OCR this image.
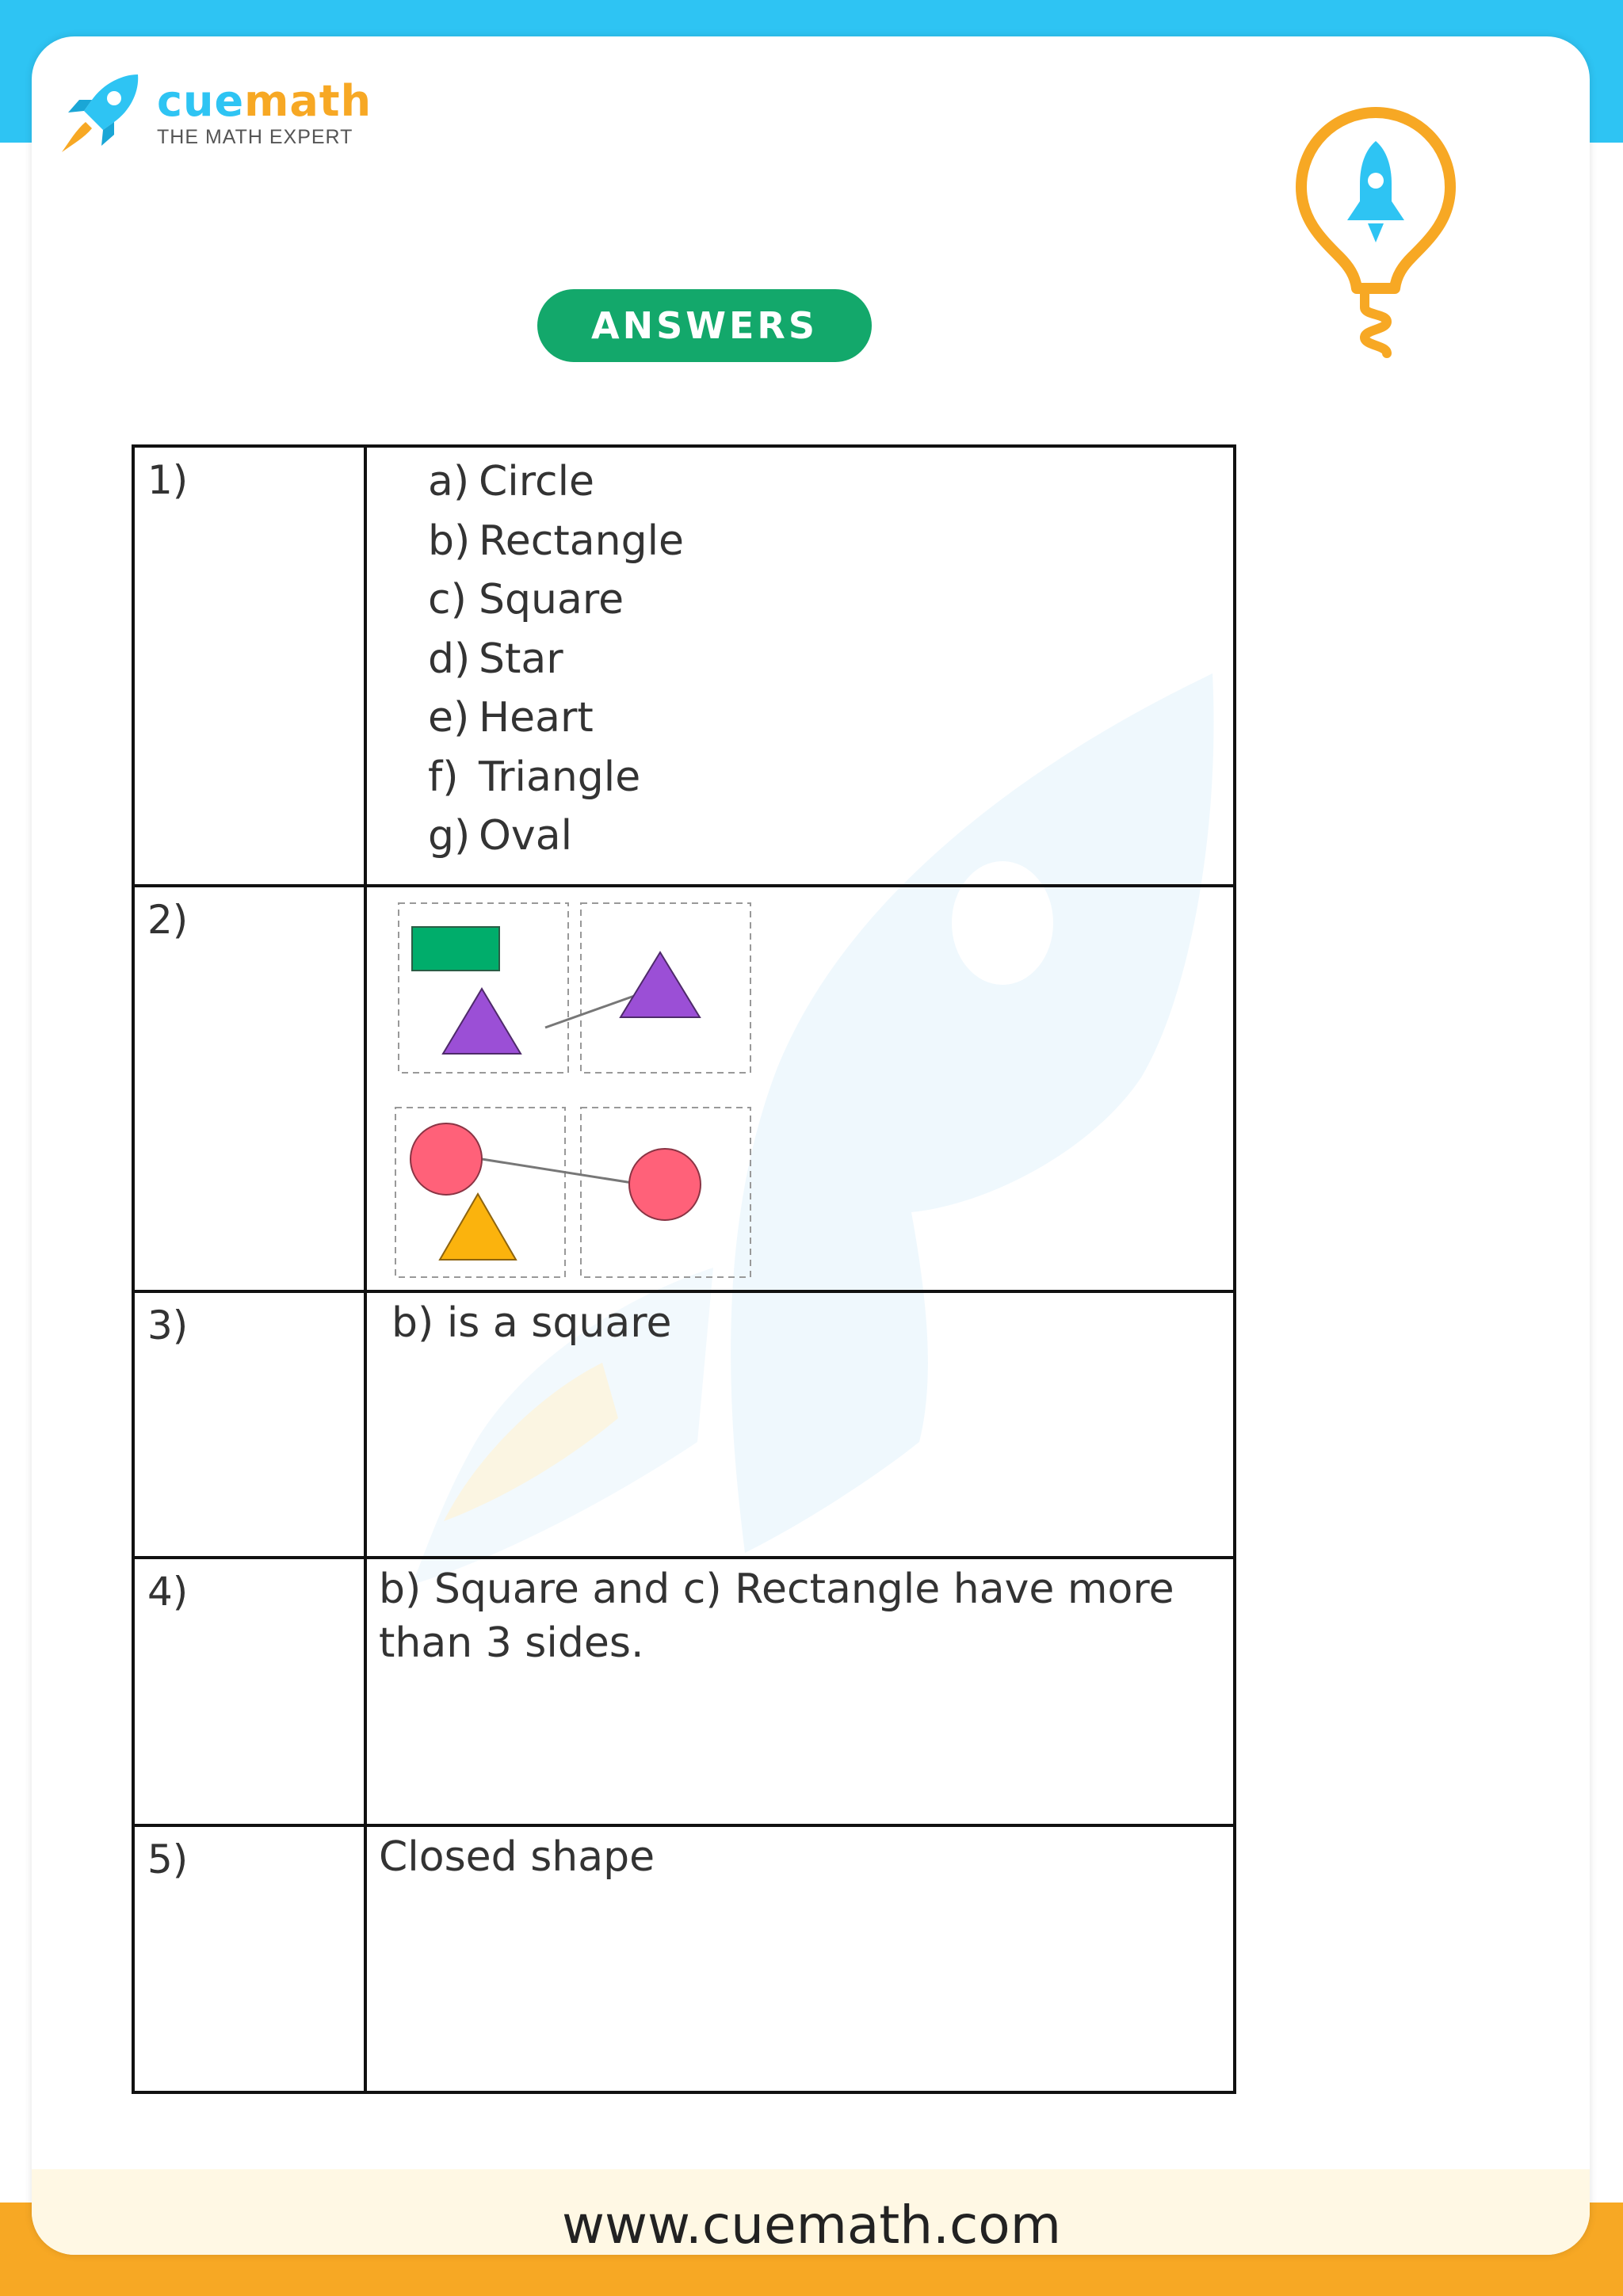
cuemath
THE MATH EXPERT
ANSWERS
1)	a) Circle
b) Rectangle
c) Square
d) Star
e) Heart
f) Triangle
g) Oval
2)
3)	b) is a square
4)	b) Square and c) Rectangle have more
than 3 sides.
5)	Closed shape
www.cuemath.com
